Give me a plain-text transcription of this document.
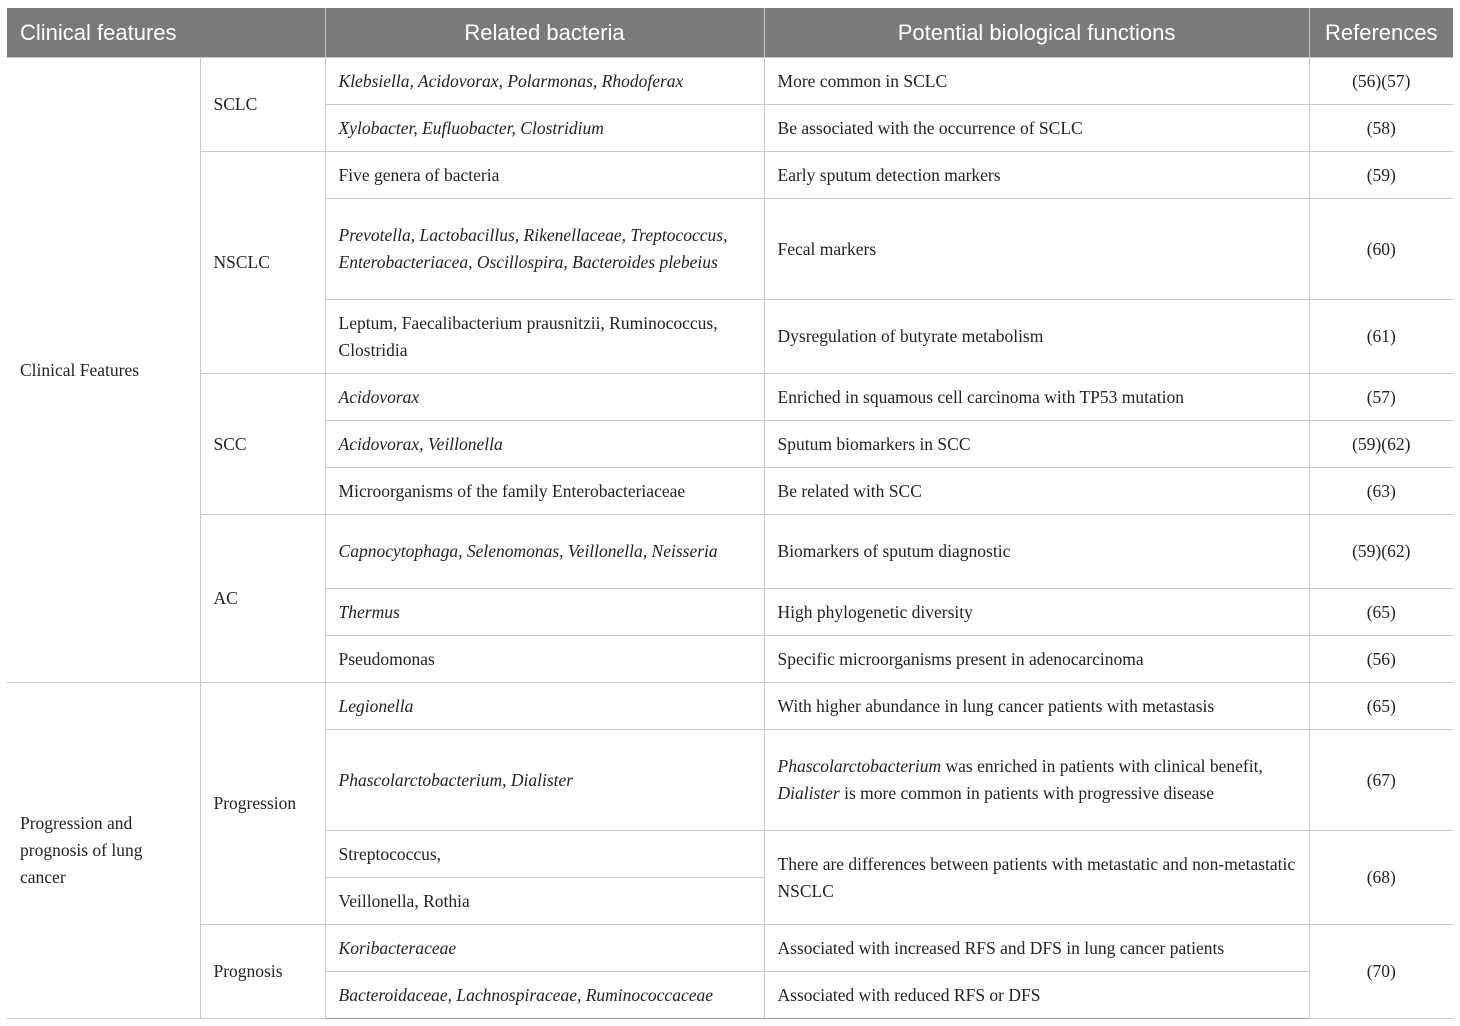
Clinical features		Related bacteria	Potential biological functions	References
Clinical Features	SCLC	Klebsiella, Acidovorax, Polarmonas, Rhodoferax	More common in SCLC	(56)(57)
		Xylobacter, Eufluobacter, Clostridium	Be associated with the occurrence of SCLC	(58)
	NSCLC	Five genera of bacteria	Early sputum detection markers	(59)
		Prevotella, Lactobacillus, Rikenellaceae, Treptococcus, Enterobacteriacea, Oscillospira, Bacteroides plebeius	Fecal markers	(60)
		Leptum, Faecalibacterium prausnitzii, Ruminococcus, Clostridia	Dysregulation of butyrate metabolism	(61)
	SCC	Acidovorax	Enriched in squamous cell carcinoma with TP53 mutation	(57)
		Acidovorax, Veillonella	Sputum biomarkers in SCC	(59)(62)
		Microorganisms of the family Enterobacteriaceae	Be related with SCC	(63)
	AC	Capnocytophaga, Selenomonas, Veillonella, Neisseria	Biomarkers of sputum diagnostic	(59)(62)
		Thermus	High phylogenetic diversity	(65)
		Pseudomonas	Specific microorganisms present in adenocarcinoma	(56)
Progression and prognosis of lung cancer	Progression	Legionella	With higher abundance in lung cancer patients with metastasis	(65)
		Phascolarctobacterium, Dialister	Phascolarctobacterium was enriched in patients with clinical benefit, Dialister is more common in patients with progressive disease	(67)
		Streptococcus,	There are differences between patients with metastatic and non-metastatic NSCLC	(68)
		Veillonella, Rothia		
	Prognosis	Koribacteraceae	Associated with increased RFS and DFS in lung cancer patients	(70)
		Bacteroidaceae, Lachnospiraceae, Ruminococcaceae	Associated with reduced RFS or DFS	
